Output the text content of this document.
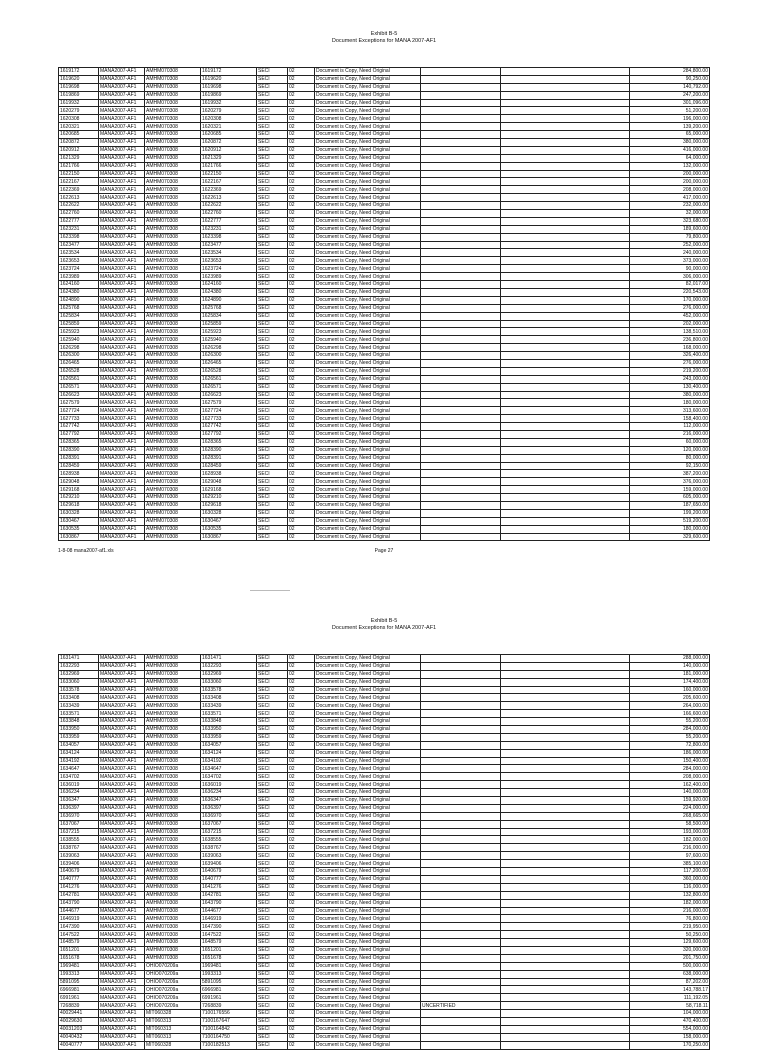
Exhibit B-5
Document Exceptions for MANA 2007-AF1
1619172	MANA2007-AF1	AMHM070308	1619172	SECI	02	Document is Copy, Need Original			284,800.00
1619620	MANA2007-AF1	AMHM070308	1619620	SECI	02	Document is Copy, Need Original			90,250.00
1619698	MANA2007-AF1	AMHM070308	1619698	SECI	02	Document is Copy, Need Original			140,792.00
1619869	MANA2007-AF1	AMHM070308	1619869	SECI	02	Document is Copy, Need Original			247,200.00
1619932	MANA2007-AF1	AMHM070308	1619932	SECI	02	Document is Copy, Need Original			301,096.00
1620279	MANA2007-AF1	AMHM070308	1620279	SECI	02	Document is Copy, Need Original			51,200.00
1620308	MANA2007-AF1	AMHM070308	1620308	SECI	02	Document is Copy, Need Original			196,000.00
1620321	MANA2007-AF1	AMHM070308	1620321	SECI	02	Document is Copy, Need Original			139,200.00
1620685	MANA2007-AF1	AMHM070308	1620685	SECI	02	Document is Copy, Need Original			65,000.00
1620872	MANA2007-AF1	AMHM070308	1620872	SECI	02	Document is Copy, Need Original			380,000.00
1620912	MANA2007-AF1	AMHM070308	1620912	SECI	02	Document is Copy, Need Original			416,000.00
1621329	MANA2007-AF1	AMHM070308	1621329	SECI	02	Document is Copy, Need Original			64,000.00
1621766	MANA2007-AF1	AMHM070308	1621766	SECI	02	Document is Copy, Need Original			132,000.00
1622150	MANA2007-AF1	AMHM070308	1622150	SECI	02	Document is Copy, Need Original			200,000.00
1622167	MANA2007-AF1	AMHM070308	1622167	SECI	02	Document is Copy, Need Original			200,000.00
1622369	MANA2007-AF1	AMHM070308	1622369	SECI	02	Document is Copy, Need Original			208,000.00
1622613	MANA2007-AF1	AMHM070308	1622613	SECI	02	Document is Copy, Need Original			417,000.00
1622622	MANA2007-AF1	AMHM070308	1622622	SECI	02	Document is Copy, Need Original			232,000.00
1622760	MANA2007-AF1	AMHM070308	1622760	SECI	02	Document is Copy, Need Original			32,000.00
1622777	MANA2007-AF1	AMHM070308	1622777	SECI	02	Document is Copy, Need Original			323,680.00
1623231	MANA2007-AF1	AMHM070308	1623231	SECI	02	Document is Copy, Need Original			189,600.00
1623398	MANA2007-AF1	AMHM070308	1623398	SECI	02	Document is Copy, Need Original			79,800.00
1623477	MANA2007-AF1	AMHM070308	1623477	SECI	02	Document is Copy, Need Original			252,000.00
1623534	MANA2007-AF1	AMHM070308	1623534	SECI	02	Document is Copy, Need Original			240,000.00
1623653	MANA2007-AF1	AMHM070308	1623653	SECI	02	Document is Copy, Need Original			373,000.00
1623724	MANA2007-AF1	AMHM070308	1623724	SECI	02	Document is Copy, Need Original			90,000.00
1623989	MANA2007-AF1	AMHM070308	1623989	SECI	02	Document is Copy, Need Original			306,000.00
1624160	MANA2007-AF1	AMHM070308	1624160	SECI	02	Document is Copy, Need Original			82,017.00
1624380	MANA2007-AF1	AMHM070308	1624380	SECI	02	Document is Copy, Need Original			220,543.00
1624890	MANA2007-AF1	AMHM070308	1624890	SECI	02	Document is Copy, Need Original			170,000.00
1625768	MANA2007-AF1	AMHM070308	1625768	SECI	02	Document is Copy, Need Original			276,000.00
1625834	MANA2007-AF1	AMHM070308	1625834	SECI	02	Document is Copy, Need Original			452,000.00
1625859	MANA2007-AF1	AMHM070308	1625859	SECI	02	Document is Copy, Need Original			202,000.00
1625923	MANA2007-AF1	AMHM070308	1625923	SECI	02	Document is Copy, Need Original			138,510.00
1625940	MANA2007-AF1	AMHM070308	1625940	SECI	02	Document is Copy, Need Original			236,800.00
1626298	MANA2007-AF1	AMHM070308	1626298	SECI	02	Document is Copy, Need Original			168,000.00
1626300	MANA2007-AF1	AMHM070308	1626300	SECI	02	Document is Copy, Need Original			326,400.00
1626465	MANA2007-AF1	AMHM070308	1626465	SECI	02	Document is Copy, Need Original			276,000.00
1626528	MANA2007-AF1	AMHM070308	1626528	SECI	02	Document is Copy, Need Original			219,200.00
1626561	MANA2007-AF1	AMHM070308	1626561	SECI	02	Document is Copy, Need Original			243,000.00
1626571	MANA2007-AF1	AMHM070308	1626571	SECI	02	Document is Copy, Need Original			130,400.00
1626623	MANA2007-AF1	AMHM070308	1626623	SECI	02	Document is Copy, Need Original			380,000.00
1627579	MANA2007-AF1	AMHM070308	1627579	SECI	02	Document is Copy, Need Original			180,000.00
1627724	MANA2007-AF1	AMHM070308	1627724	SECI	02	Document is Copy, Need Original			313,600.00
1627733	MANA2007-AF1	AMHM070308	1627733	SECI	02	Document is Copy, Need Original			158,400.00
1627742	MANA2007-AF1	AMHM070308	1627742	SECI	02	Document is Copy, Need Original			112,000.00
1627792	MANA2007-AF1	AMHM070308	1627792	SECI	02	Document is Copy, Need Original			216,000.00
1628365	MANA2007-AF1	AMHM070308	1628365	SECI	02	Document is Copy, Need Original			60,000.00
1628390	MANA2007-AF1	AMHM070308	1628390	SECI	02	Document is Copy, Need Original			120,000.00
1628391	MANA2007-AF1	AMHM070308	1628391	SECI	02	Document is Copy, Need Original			80,000.00
1628459	MANA2007-AF1	AMHM070308	1628459	SECI	02	Document is Copy, Need Original			92,150.00
1628938	MANA2007-AF1	AMHM070308	1628938	SECI	02	Document is Copy, Need Original			387,200.00
1629048	MANA2007-AF1	AMHM070308	1629048	SECI	02	Document is Copy, Need Original			376,000.00
1629168	MANA2007-AF1	AMHM070308	1629168	SECI	02	Document is Copy, Need Original			159,000.00
1629210	MANA2007-AF1	AMHM070308	1629210	SECI	02	Document is Copy, Need Original			605,000.00
1629618	MANA2007-AF1	AMHM070308	1629618	SECI	02	Document is Copy, Need Original			187,650.00
1630328	MANA2007-AF1	AMHM070308	1630328	SECI	02	Document is Copy, Need Original			199,200.00
1630467	MANA2007-AF1	AMHM070308	1630467	SECI	02	Document is Copy, Need Original			519,200.00
1630535	MANA2007-AF1	AMHM070308	1630535	SECI	02	Document is Copy, Need Original			180,000.00
1630867	MANA2007-AF1	AMHM070308	1630867	SECI	02	Document is Copy, Need Original			329,600.00
1-8-08 mana2007-af1.xls	Page 27
Exhibit B-5
Document Exceptions for MANA 2007-AF1
1631471	MANA2007-AF1	AMHM070308	1631471	SECI	02	Document is Copy, Need Original			288,000.00
1632293	MANA2007-AF1	AMHM070308	1632293	SECI	02	Document is Copy, Need Original			140,000.00
1632969	MANA2007-AF1	AMHM070308	1632969	SECI	02	Document is Copy, Need Original			181,000.00
1633060	MANA2007-AF1	AMHM070308	1633060	SECI	02	Document is Copy, Need Original			174,400.00
1633578	MANA2007-AF1	AMHM070308	1633578	SECI	02	Document is Copy, Need Original			160,000.00
1633408	MANA2007-AF1	AMHM070308	1633408	SECI	02	Document is Copy, Need Original			205,600.00
1633439	MANA2007-AF1	AMHM070308	1633439	SECI	02	Document is Copy, Need Original			264,000.00
1633571	MANA2007-AF1	AMHM070308	1633571	SECI	02	Document is Copy, Need Original			166,600.00
1633848	MANA2007-AF1	AMHM070308	1633848	SECI	02	Document is Copy, Need Original			55,200.00
1633950	MANA2007-AF1	AMHM070308	1633950	SECI	02	Document is Copy, Need Original			284,000.00
1633959	MANA2007-AF1	AMHM070308	1633959	SECI	02	Document is Copy, Need Original			55,200.00
1634057	MANA2007-AF1	AMHM070308	1634057	SECI	02	Document is Copy, Need Original			72,800.00
1634124	MANA2007-AF1	AMHM070308	1634124	SECI	02	Document is Copy, Need Original			186,000.00
1634192	MANA2007-AF1	AMHM070308	1634192	SECI	02	Document is Copy, Need Original			150,400.00
1634647	MANA2007-AF1	AMHM070308	1634647	SECI	02	Document is Copy, Need Original			284,000.00
1634702	MANA2007-AF1	AMHM070308	1634702	SECI	02	Document is Copy, Need Original			208,000.00
1636019	MANA2007-AF1	AMHM070308	1636019	SECI	02	Document is Copy, Need Original			162,400.00
1636234	MANA2007-AF1	AMHM070308	1636234	SECI	02	Document is Copy, Need Original			140,000.00
1636347	MANA2007-AF1	AMHM070308	1636347	SECI	02	Document is Copy, Need Original			159,920.00
1636397	MANA2007-AF1	AMHM070308	1636397	SECI	02	Document is Copy, Need Original			224,000.00
1636970	MANA2007-AF1	AMHM070308	1636970	SECI	02	Document is Copy, Need Original			268,665.00
1637067	MANA2007-AF1	AMHM070308	1637067	SECI	02	Document is Copy, Need Original			58,500.00
1637215	MANA2007-AF1	AMHM070308	1637215	SECI	02	Document is Copy, Need Original			193,000.00
1638555	MANA2007-AF1	AMHM070308	1638555	SECI	02	Document is Copy, Need Original			182,000.00
1638767	MANA2007-AF1	AMHM070308	1638767	SECI	02	Document is Copy, Need Original			216,000.00
1639063	MANA2007-AF1	AMHM070308	1639063	SECI	02	Document is Copy, Need Original			97,600.00
1639406	MANA2007-AF1	AMHM070308	1639406	SECI	02	Document is Copy, Need Original			385,100.00
1640679	MANA2007-AF1	AMHM070308	1640679	SECI	02	Document is Copy, Need Original			117,200.00
1640777	MANA2007-AF1	AMHM070308	1640777	SECI	02	Document is Copy, Need Original			360,000.00
1641276	MANA2007-AF1	AMHM070308	1641276	SECI	02	Document is Copy, Need Original			116,000.00
1642781	MANA2007-AF1	AMHM070308	1642781	SECI	02	Document is Copy, Need Original			132,800.00
1643790	MANA2007-AF1	AMHM070308	1643790	SECI	02	Document is Copy, Need Original			182,000.00
1644677	MANA2007-AF1	AMHM070308	1644677	SECI	02	Document is Copy, Need Original			216,000.00
1646919	MANA2007-AF1	AMHM070308	1646919	SECI	02	Document is Copy, Need Original			76,800.00
1647390	MANA2007-AF1	AMHM070308	1647390	SECI	02	Document is Copy, Need Original			219,950.00
1647522	MANA2007-AF1	AMHM070308	1647522	SECI	02	Document is Copy, Need Original			50,250.00
1648579	MANA2007-AF1	AMHM070308	1648579	SECI	02	Document is Copy, Need Original			129,600.00
1651201	MANA2007-AF1	AMHM070308	1651201	SECI	02	Document is Copy, Need Original			320,000.00
1651678	MANA2007-AF1	AMHM070308	1651678	SECI	02	Document is Copy, Need Original			201,750.00
1969481	MANA2007-AF1	OHIO070209a	1969481	SECI	02	Document is Copy, Need Original			500,000.00
1993313	MANA2007-AF1	OHIO070209a	1993313	SECI	02	Document is Copy, Need Original			638,000.00
5891095	MANA2007-AF1	OHIO070209a	5891095	SECI	02	Document is Copy, Need Original			87,202.00
6966981	MANA2007-AF1	OHIO070209a	6966981	SECI	02	Document is Copy, Need Original			143,788.17
6991961	MANA2007-AF1	OHIO070209a	6991961	SECI	02	Document is Copy, Need Original			111,192.05
7268839	MANA2007-AF1	OHIO070209a	7268839	SECI	02	Document is Copy, Need Original	UNCERTIFIED		58,718.11
40029441	MANA2007-AF1	MIT060328	7100176556	SECI	02	Document is Copy, Need Original			104,000.00
40029630	MANA2007-AF1	MIT060313	7100167647	SECI	02	Document is Copy, Need Original			470,400.00
40031203	MANA2007-AF1	MIT060313	7100164842	SECI	02	Document is Copy, Need Original			554,000.00
40040432	MANA2007-AF1	MIT060313	7100164750	SECI	02	Document is Copy, Need Original			158,000.00
40040777	MANA2007-AF1	MIT060328	7100182513	SECI	02	Document is Copy, Need Original			170,250.00
